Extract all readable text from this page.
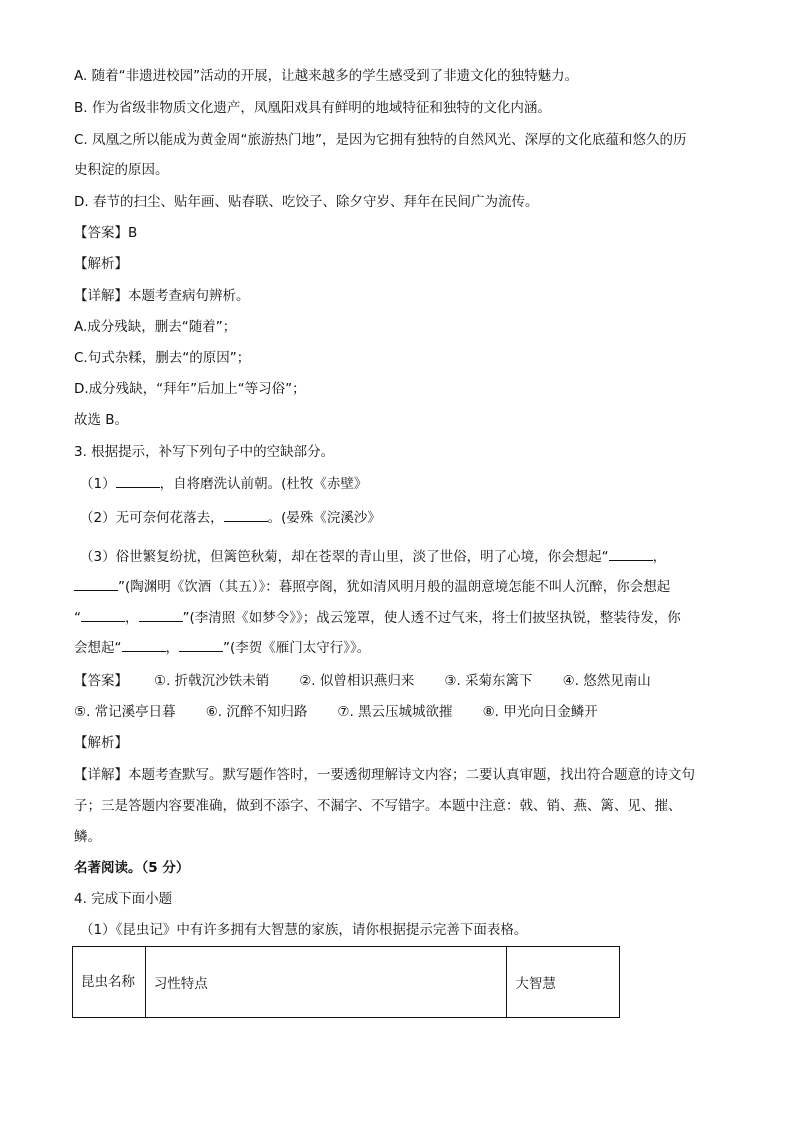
A. 随着“非遗进校园”活动的开展，让越来越多的学生感受到了非遗文化的独特魅力。
B. 作为省级非物质文化遗产，凤凰阳戏具有鲜明的地域特征和独特的文化内涵。
C. 凤凰之所以能成为黄金周“旅游热门地”，是因为它拥有独特的自然风光、深厚的文化底蕴和悠久的历
史积淀的原因。
D. 春节的扫尘、贴年画、贴春联、吃饺子、除夕守岁、拜年在民间广为流传。
【答案】B
【解析】
【详解】本题考查病句辨析。
A.成分残缺，删去“随着”；
C.句式杂糅，删去“的原因”；
D.成分残缺，“拜年”后加上“等习俗”；
故选 B。
3. 根据提示，补写下列句子中的空缺部分。
（1）	，自将磨洗认前朝。(杜牧《赤壁》
（2）无可奈何花落去，	。(晏殊《浣溪沙》
（3）俗世繁复纷扰，但篱笆秋菊，却在苍翠的青山里，淡了世俗，明了心境，你会想起“	，
”(陶渊明《饮酒（其五）》：暮照亭阁，犹如清风明月般的温朗意境怎能不叫人沉醉，你会想起
“	，	”(李清照《如梦令》》；战云笼罩，使人透不过气来，将士们披坚执锐，整装待发，你
会想起“	，	”(李贺《雁门太守行》》。
【答案】	①. 折戟沉沙铁未销 ②. 似曾相识燕归来 ③. 采菊东篱下 ④. 悠然见南山
⑤. 常记溪亭日暮 ⑥. 沉醉不知归路 ⑦. 黑云压城城欲摧 ⑧. 甲光向日金鳞开
【解析】
【详解】本题考查默写。默写题作答时，一要透彻理解诗文内容；二要认真审题，找出符合题意的诗文句
子；三是答题内容要准确，做到不添字、不漏字、不写错字。本题中注意：戟、销、燕、篱、见、摧、
鳞。
名著阅读。（5 分）
4. 完成下面小题
（1）《昆虫记》中有许多拥有大智慧的家族，请你根据提示完善下面表格。
昆虫名称	习性特点	大智慧
